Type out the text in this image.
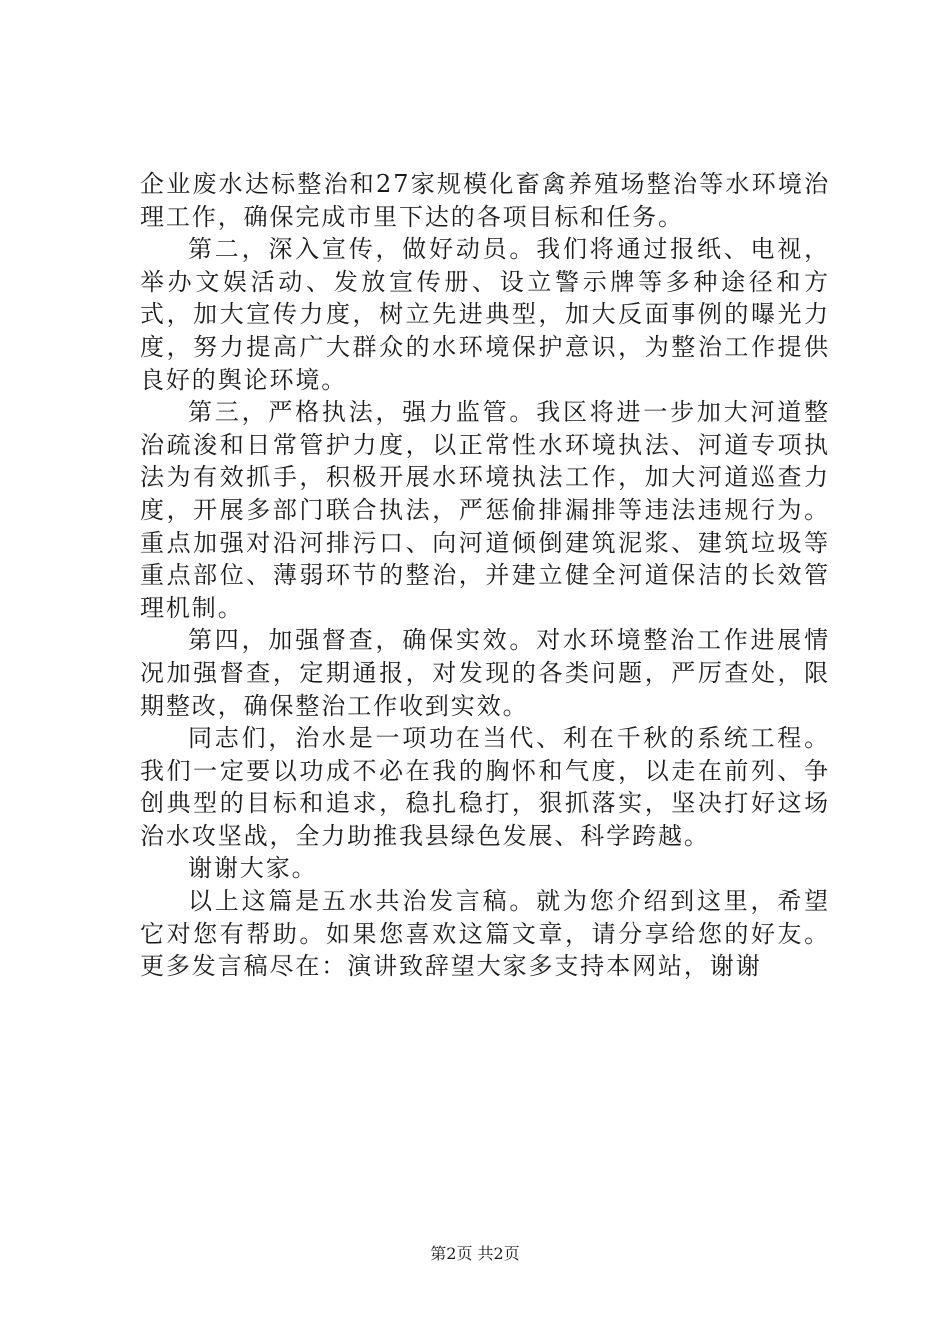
企业废水达标整治和27家规模化畜禽养殖场整治等水环境治理工作，确保完成市里下达的各项目标和任务。

第二，深入宣传，做好动员。我们将通过报纸、电视，举办文娱活动、发放宣传册、设立警示牌等多种途径和方式，加大宣传力度，树立先进典型，加大反面事例的曝光力度，努力提高广大群众的水环境保护意识，为整治工作提供良好的舆论环境。

第三，严格执法，强力监管。我区将进一步加大河道整治疏浚和日常管护力度，以正常性水环境执法、河道专项执法为有效抓手，积极开展水环境执法工作，加大河道巡查力度，开展多部门联合执法，严惩偷排漏排等违法违规行为。重点加强对沿河排污口、向河道倾倒建筑泥浆、建筑垃圾等重点部位、薄弱环节的整治，并建立健全河道保洁的长效管理机制。

第四，加强督查，确保实效。对水环境整治工作进展情况加强督查，定期通报，对发现的各类问题，严厉查处，限期整改，确保整治工作收到实效。

同志们，治水是一项功在当代、利在千秋的系统工程。我们一定要以功成不必在我的胸怀和气度，以走在前列、争创典型的目标和追求，稳扎稳打，狠抓落实，坚决打好这场治水攻坚战，全力助推我县绿色发展、科学跨越。

谢谢大家。

以上这篇是五水共治发言稿。就为您介绍到这里，希望它对您有帮助。如果您喜欢这篇文章，请分享给您的好友。更多发言稿尽在：演讲致辞望大家多支持本网站，谢谢

第2页 共2页
